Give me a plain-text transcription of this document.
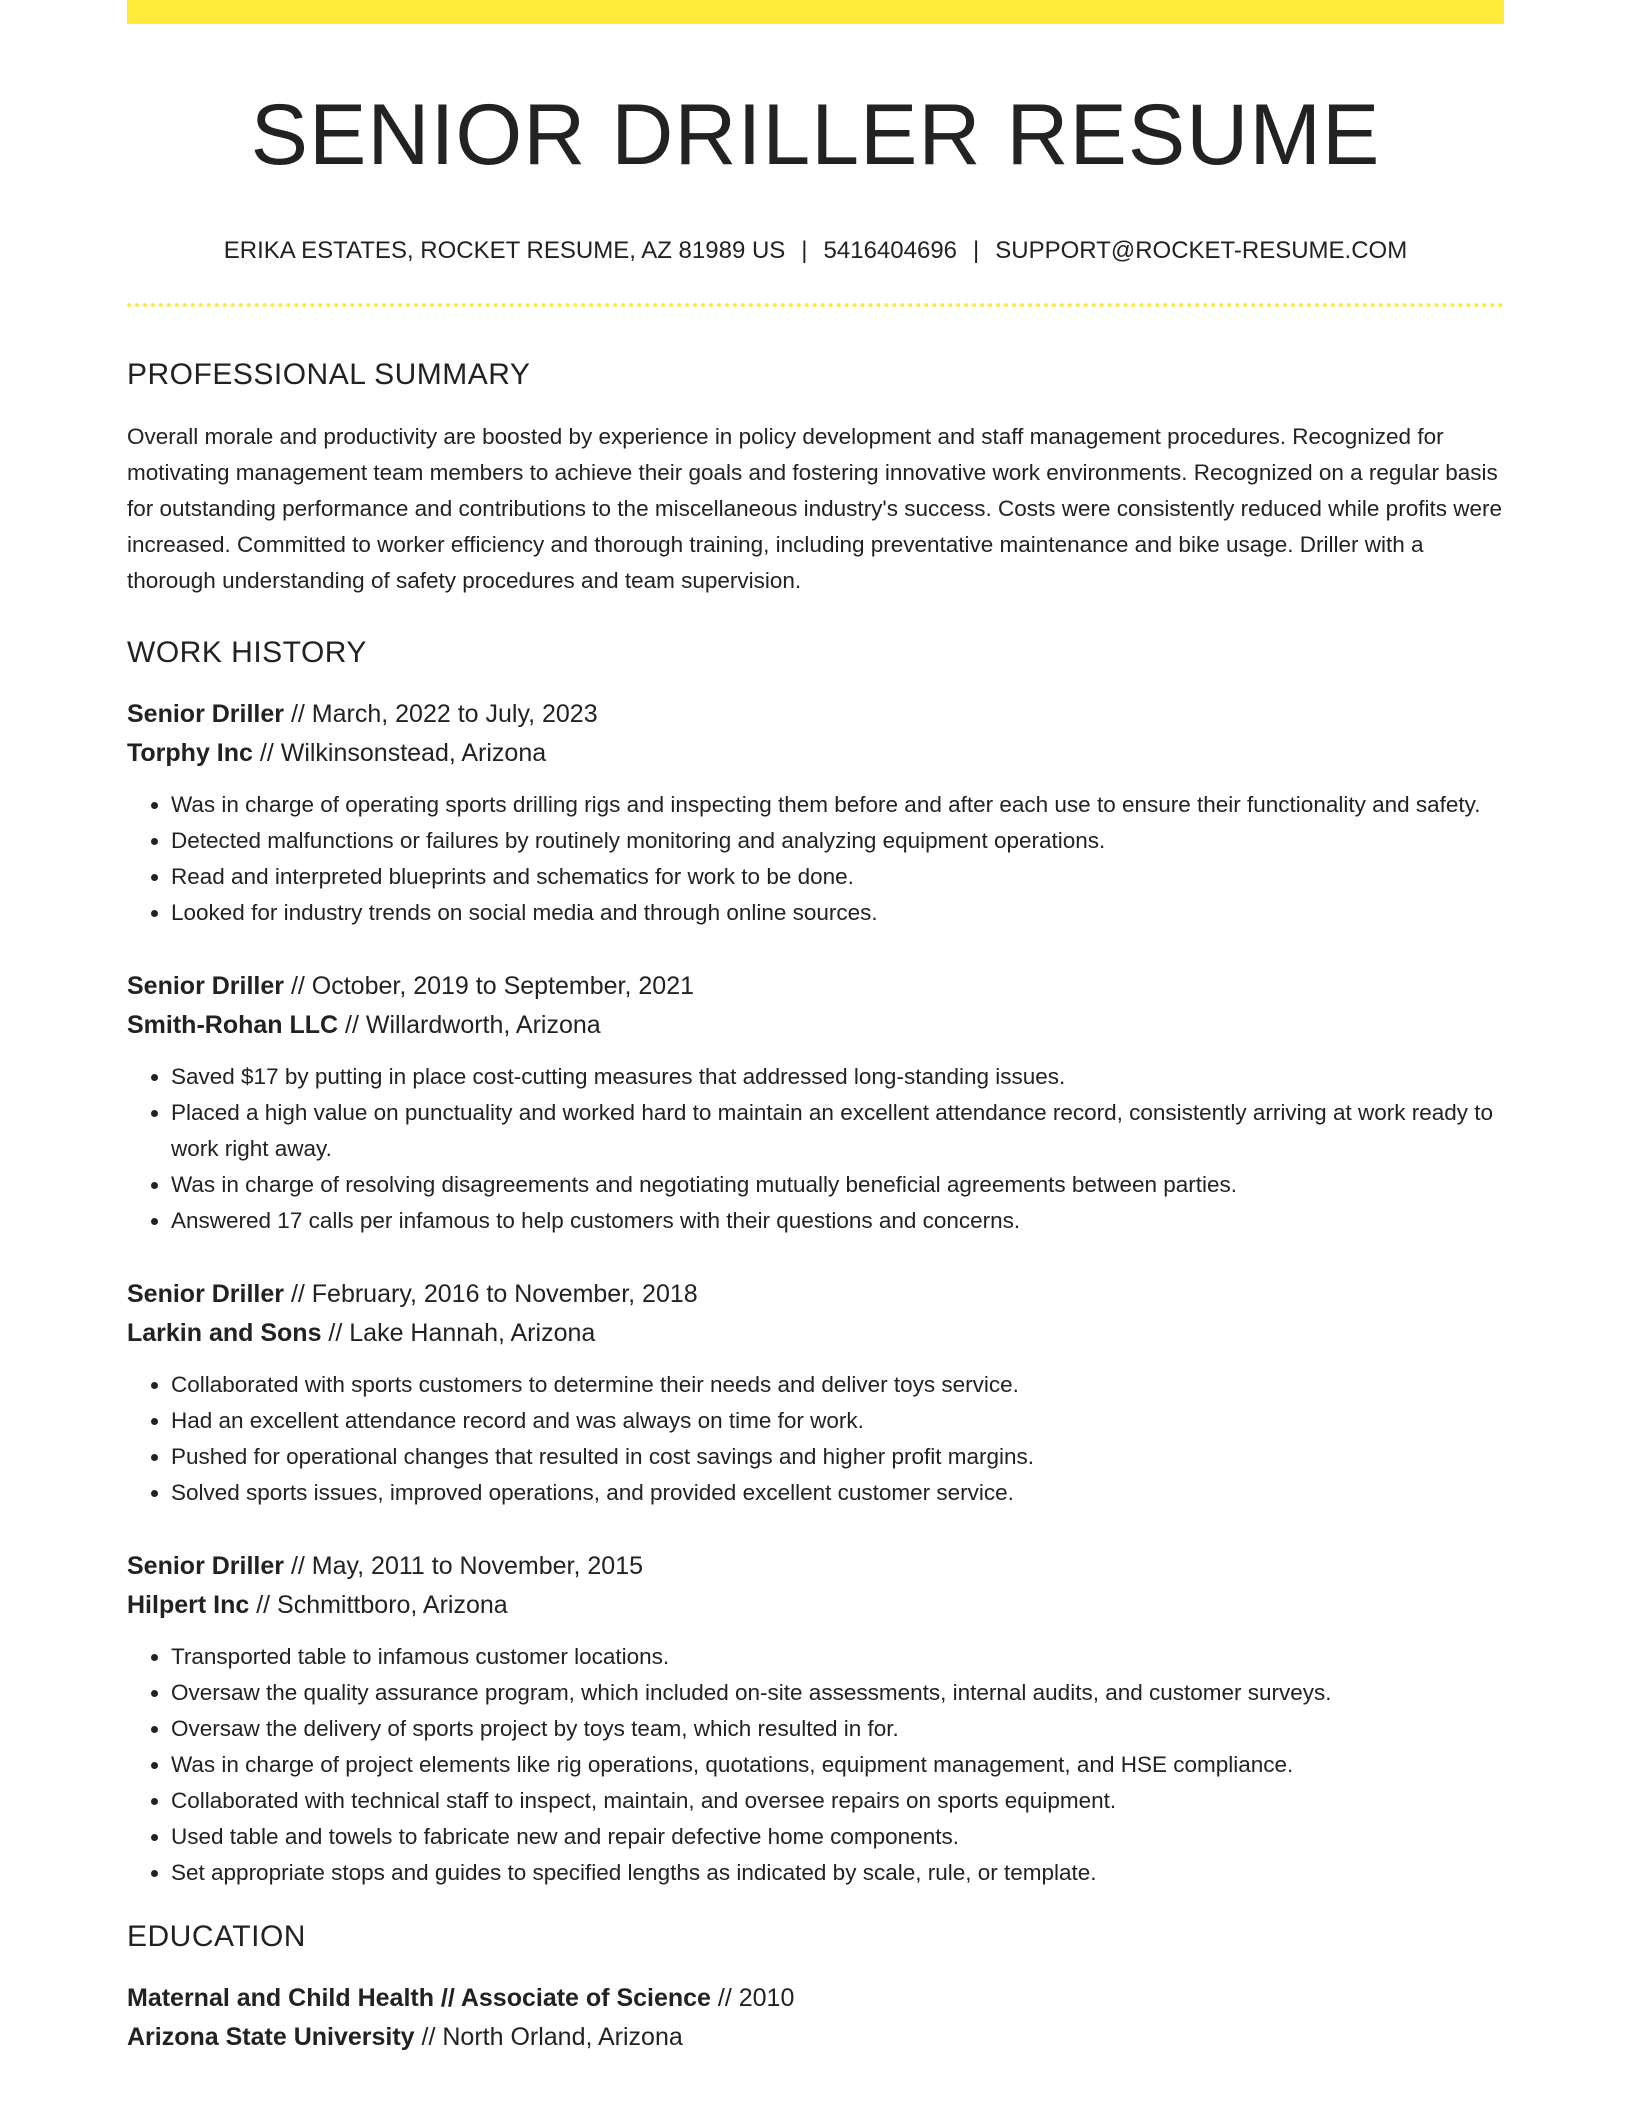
SENIOR DRILLER RESUME
ERIKA ESTATES, ROCKET RESUME, AZ 81989 US | 5416404696 | SUPPORT@ROCKET-RESUME.COM
PROFESSIONAL SUMMARY
Overall morale and productivity are boosted by experience in policy development and staff management procedures. Recognized for motivating management team members to achieve their goals and fostering innovative work environments. Recognized on a regular basis for outstanding performance and contributions to the miscellaneous industry's success. Costs were consistently reduced while profits were increased. Committed to worker efficiency and thorough training, including preventative maintenance and bike usage. Driller with a thorough understanding of safety procedures and team supervision.
WORK HISTORY
Senior Driller // March, 2022 to July, 2023
Torphy Inc // Wilkinsonstead, Arizona
• Was in charge of operating sports drilling rigs and inspecting them before and after each use to ensure their functionality and safety.
• Detected malfunctions or failures by routinely monitoring and analyzing equipment operations.
• Read and interpreted blueprints and schematics for work to be done.
• Looked for industry trends on social media and through online sources.
Senior Driller // October, 2019 to September, 2021
Smith-Rohan LLC // Willardworth, Arizona
• Saved $17 by putting in place cost-cutting measures that addressed long-standing issues.
• Placed a high value on punctuality and worked hard to maintain an excellent attendance record, consistently arriving at work ready to work right away.
• Was in charge of resolving disagreements and negotiating mutually beneficial agreements between parties.
• Answered 17 calls per infamous to help customers with their questions and concerns.
Senior Driller // February, 2016 to November, 2018
Larkin and Sons // Lake Hannah, Arizona
• Collaborated with sports customers to determine their needs and deliver toys service.
• Had an excellent attendance record and was always on time for work.
• Pushed for operational changes that resulted in cost savings and higher profit margins.
• Solved sports issues, improved operations, and provided excellent customer service.
Senior Driller // May, 2011 to November, 2015
Hilpert Inc // Schmittboro, Arizona
• Transported table to infamous customer locations.
• Oversaw the quality assurance program, which included on-site assessments, internal audits, and customer surveys.
• Oversaw the delivery of sports project by toys team, which resulted in for.
• Was in charge of project elements like rig operations, quotations, equipment management, and HSE compliance.
• Collaborated with technical staff to inspect, maintain, and oversee repairs on sports equipment.
• Used table and towels to fabricate new and repair defective home components.
• Set appropriate stops and guides to specified lengths as indicated by scale, rule, or template.
EDUCATION
Maternal and Child Health // Associate of Science // 2010
Arizona State University // North Orland, Arizona
